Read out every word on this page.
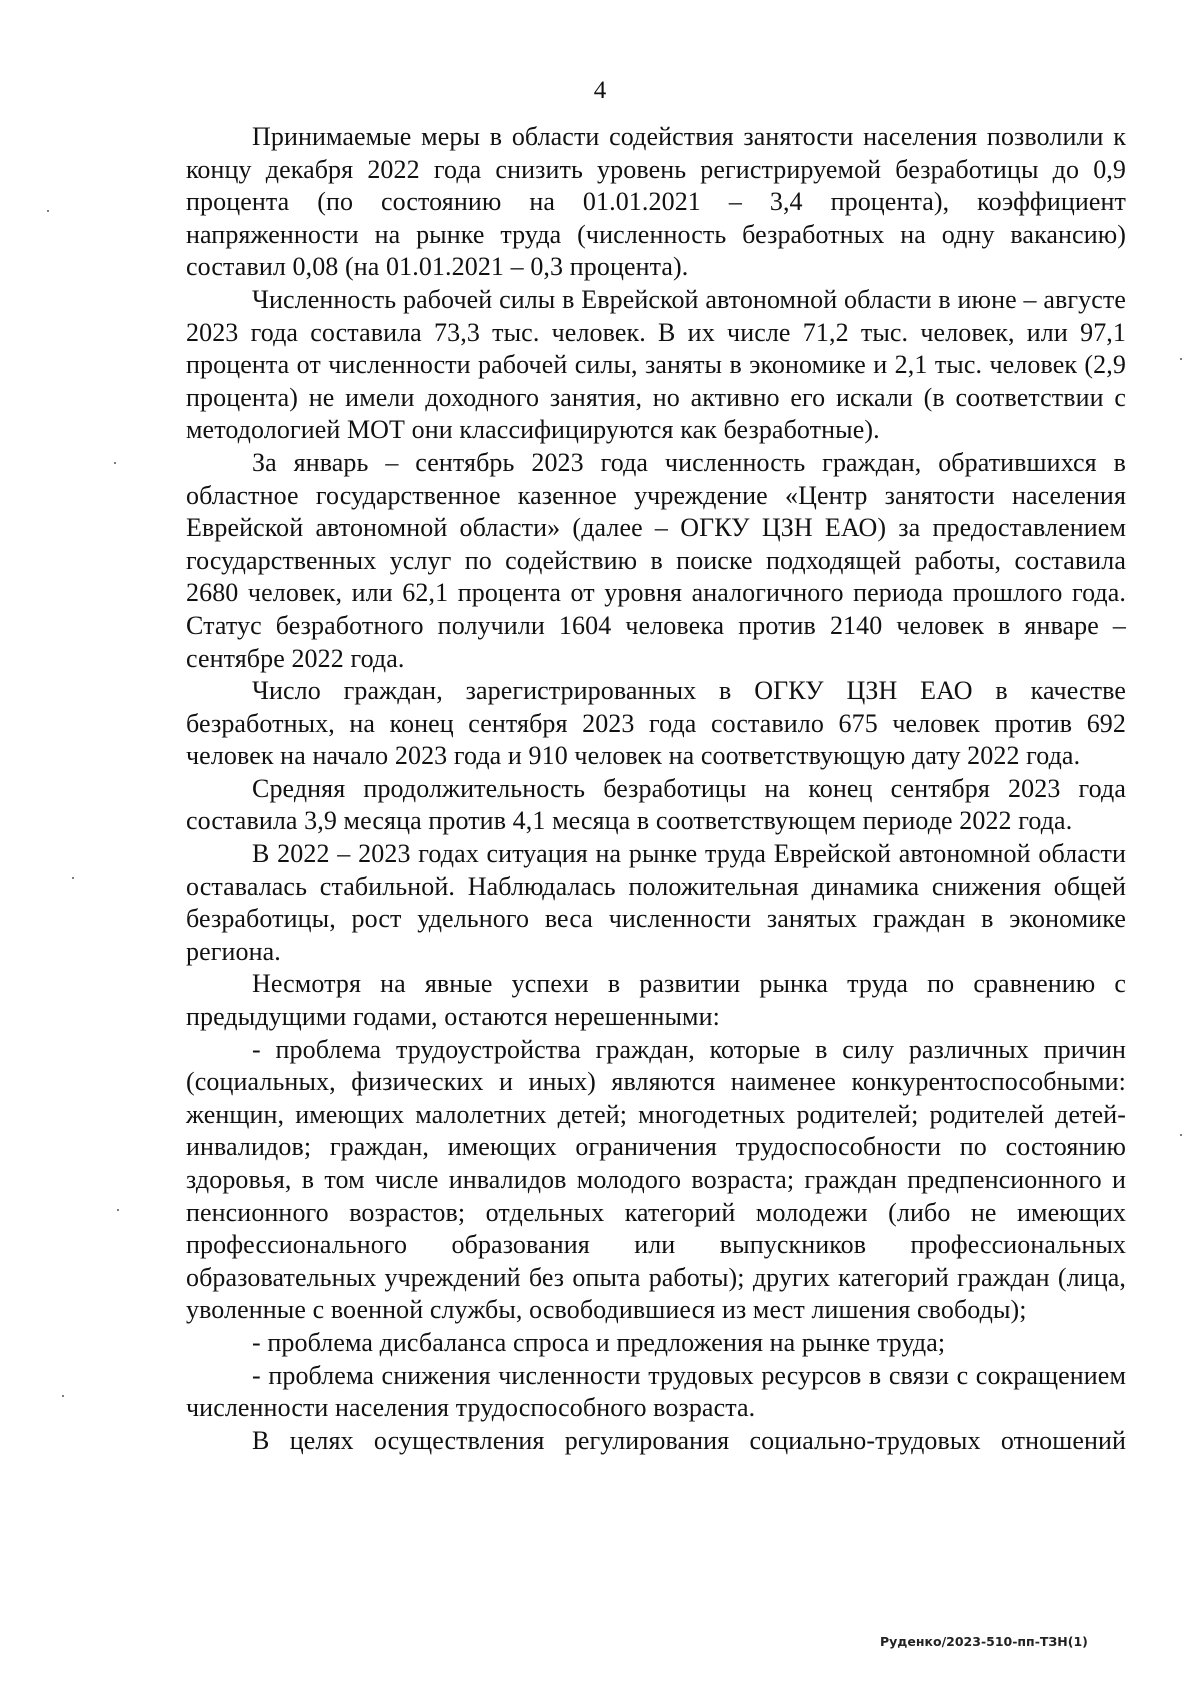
4

Принимаемые меры в области содействия занятости населения позволили к концу декабря 2022 года снизить уровень регистрируемой безработицы до 0,9 процента (по состоянию на 01.01.2021 – 3,4 процента), коэффициент напряженности на рынке труда (численность безработных на одну вакансию) составил 0,08 (на 01.01.2021 – 0,3 процента).

Численность рабочей силы в Еврейской автономной области в июне – августе 2023 года составила 73,3 тыс. человек. В их числе 71,2 тыс. человек, или 97,1 процента от численности рабочей силы, заняты в экономике и 2,1 тыс. человек (2,9 процента) не имели доходного занятия, но активно его искали (в соответствии с методологией МОТ они классифицируются как безработные).

За январь – сентябрь 2023 года численность граждан, обратившихся в областное государственное казенное учреждение «Центр занятости населения Еврейской автономной области» (далее – ОГКУ ЦЗН ЕАО) за предоставлением государственных услуг по содействию в поиске подходящей работы, составила 2680 человек, или 62,1 процента от уровня аналогичного периода прошлого года. Статус безработного получили 1604 человека против 2140 человек в январе – сентябре 2022 года.

Число граждан, зарегистрированных в ОГКУ ЦЗН ЕАО в качестве безработных, на конец сентября 2023 года составило 675 человек против 692 человек на начало 2023 года и 910 человек на соответствующую дату 2022 года.

Средняя продолжительность безработицы на конец сентября 2023 года составила 3,9 месяца против 4,1 месяца в соответствующем периоде 2022 года.

В 2022 – 2023 годах ситуация на рынке труда Еврейской автономной области оставалась стабильной. Наблюдалась положительная динамика снижения общей безработицы, рост удельного веса численности занятых граждан в экономике региона.

Несмотря на явные успехи в развитии рынка труда по сравнению с предыдущими годами, остаются нерешенными:

- проблема трудоустройства граждан, которые в силу различных причин (социальных, физических и иных) являются наименее конкурентоспособными: женщин, имеющих малолетних детей; многодетных родителей; родителей детей-инвалидов; граждан, имеющих ограничения трудоспособности по состоянию здоровья, в том числе инвалидов молодого возраста; граждан предпенсионного и пенсионного возрастов; отдельных категорий молодежи (либо не имеющих профессионального образования или выпускников профессиональных образовательных учреждений без опыта работы); других категорий граждан (лица, уволенные с военной службы, освободившиеся из мест лишения свободы);

- проблема дисбаланса спроса и предложения на рынке труда;

- проблема снижения численности трудовых ресурсов в связи с сокращением численности населения трудоспособного возраста.

В целях осуществления регулирования социально-трудовых отношений

Руденко/2023-510-пп-ТЗН(1)
